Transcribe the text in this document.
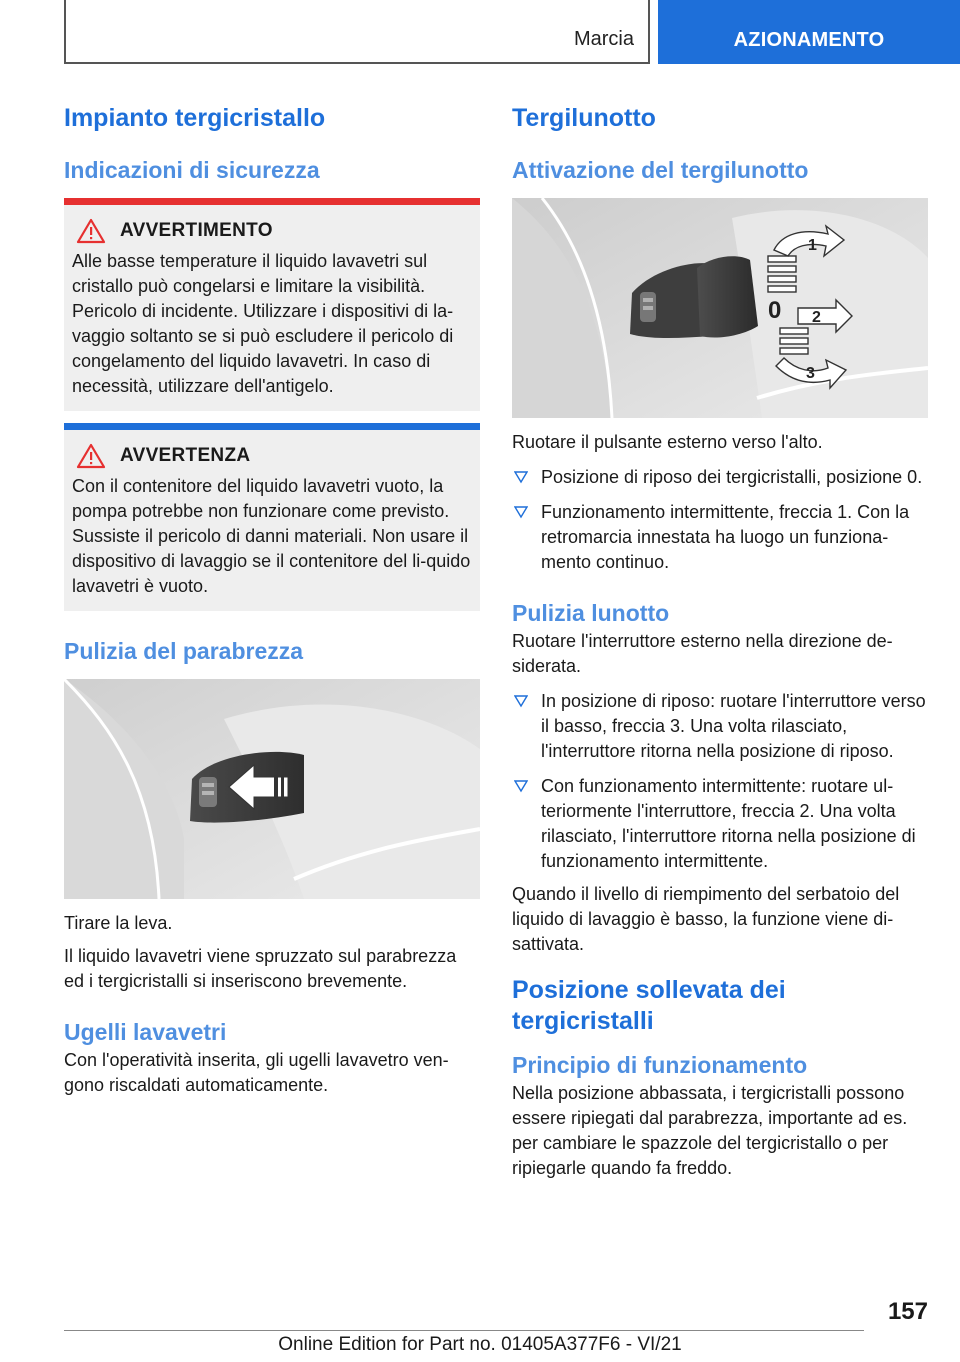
Marcia	AZIONAMENTO
Impianto tergicristallo
Indicazioni di sicurezza
AVVERTIMENTO

Alle basse temperature il liquido lavavetri sul cristallo può congelarsi e limitare la visibilità. Pericolo di incidente. Utilizzare i dispositivi di la-vaggio soltanto se si può escludere il pericolo di congelamento del liquido lavavetri. In caso di necessità, utilizzare dell'antigelo.

AVVERTENZA

Con il contenitore del liquido lavavetri vuoto, la pompa potrebbe non funzionare come previsto. Sussiste il pericolo di danni materiali. Non usare il dispositivo di lavaggio se il contenitore del li-quido lavavetri è vuoto.

Pulizia del parabrezza

Tirare la leva.

Il liquido lavavetri viene spruzzato sul parabrezza ed i tergicristalli si inseriscono brevemente.

Ugelli lavavetri

Con l'operatività inserita, gli ugelli lavavetro ven-gono riscaldati automaticamente.

Tergilunotto
Attivazione del tergilunotto
0
1
2
3

Ruotare il pulsante esterno verso l'alto.

Posizione di riposo dei tergicristalli, posizione 0.
Funzionamento intermittente, freccia 1. Con la retromarcia innestata ha luogo un funziona-mento continuo.
Pulizia lunotto

Ruotare l'interruttore esterno nella direzione de-siderata.

In posizione di riposo: ruotare l'interruttore verso il basso, freccia 3. Una volta rilasciato, l'interruttore ritorna nella posizione di riposo.
Con funzionamento intermittente: ruotare ul-teriormente l'interruttore, freccia 2. Una volta rilasciato, l'interruttore ritorna nella posizione di funzionamento intermittente.

Quando il livello di riempimento del serbatoio del liquido di lavaggio è basso, la funzione viene di-sattivata.

Posizione sollevata dei tergicristalli
Principio di funzionamento

Nella posizione abbassata, i tergicristalli possono essere ripiegati dal parabrezza, importante ad es. per cambiare le spazzole del tergicristallo o per ripiegarle quando fa freddo.

157
Online Edition for Part no. 01405A377F6 - VI/21
